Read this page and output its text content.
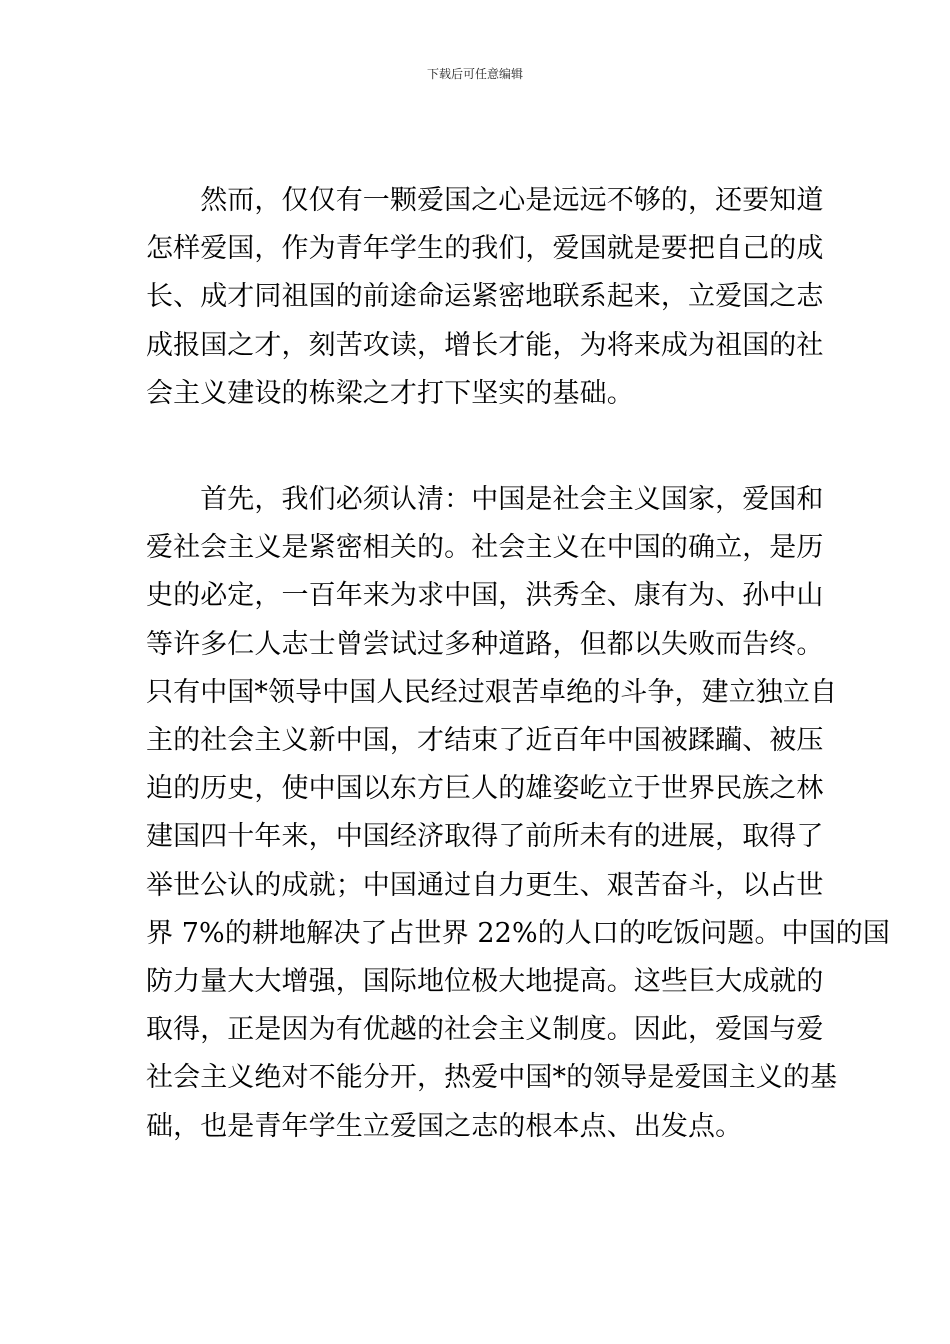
下载后可任意编辑
　　然而，仅仅有一颗爱国之心是远远不够的，还要知道
怎样爱国，作为青年学生的我们，爱国就是要把自己的成
长、成才同祖国的前途命运紧密地联系起来，立爱国之志
成报国之才，刻苦攻读，增长才能，为将来成为祖国的社
会主义建设的栋梁之才打下坚实的基础。
　　首先，我们必须认清：中国是社会主义国家，爱国和
爱社会主义是紧密相关的。社会主义在中国的确立，是历
史的必定，一百年来为求中国，洪秀全、康有为、孙中山
等许多仁人志士曾尝试过多种道路，但都以失败而告终。
只有中国*领导中国人民经过艰苦卓绝的斗争，建立独立自
主的社会主义新中国，才结束了近百年中国被蹂躏、被压
迫的历史，使中国以东方巨人的雄姿屹立于世界民族之林
建国四十年来，中国经济取得了前所未有的进展，取得了
举世公认的成就；中国通过自力更生、艰苦奋斗，以占世
界 7%的耕地解决了占世界 22%的人口的吃饭问题。中国的国
防力量大大增强，国际地位极大地提高。这些巨大成就的
取得，正是因为有优越的社会主义制度。因此，爱国与爱
社会主义绝对不能分开，热爱中国*的领导是爱国主义的基
础，也是青年学生立爱国之志的根本点、出发点。
